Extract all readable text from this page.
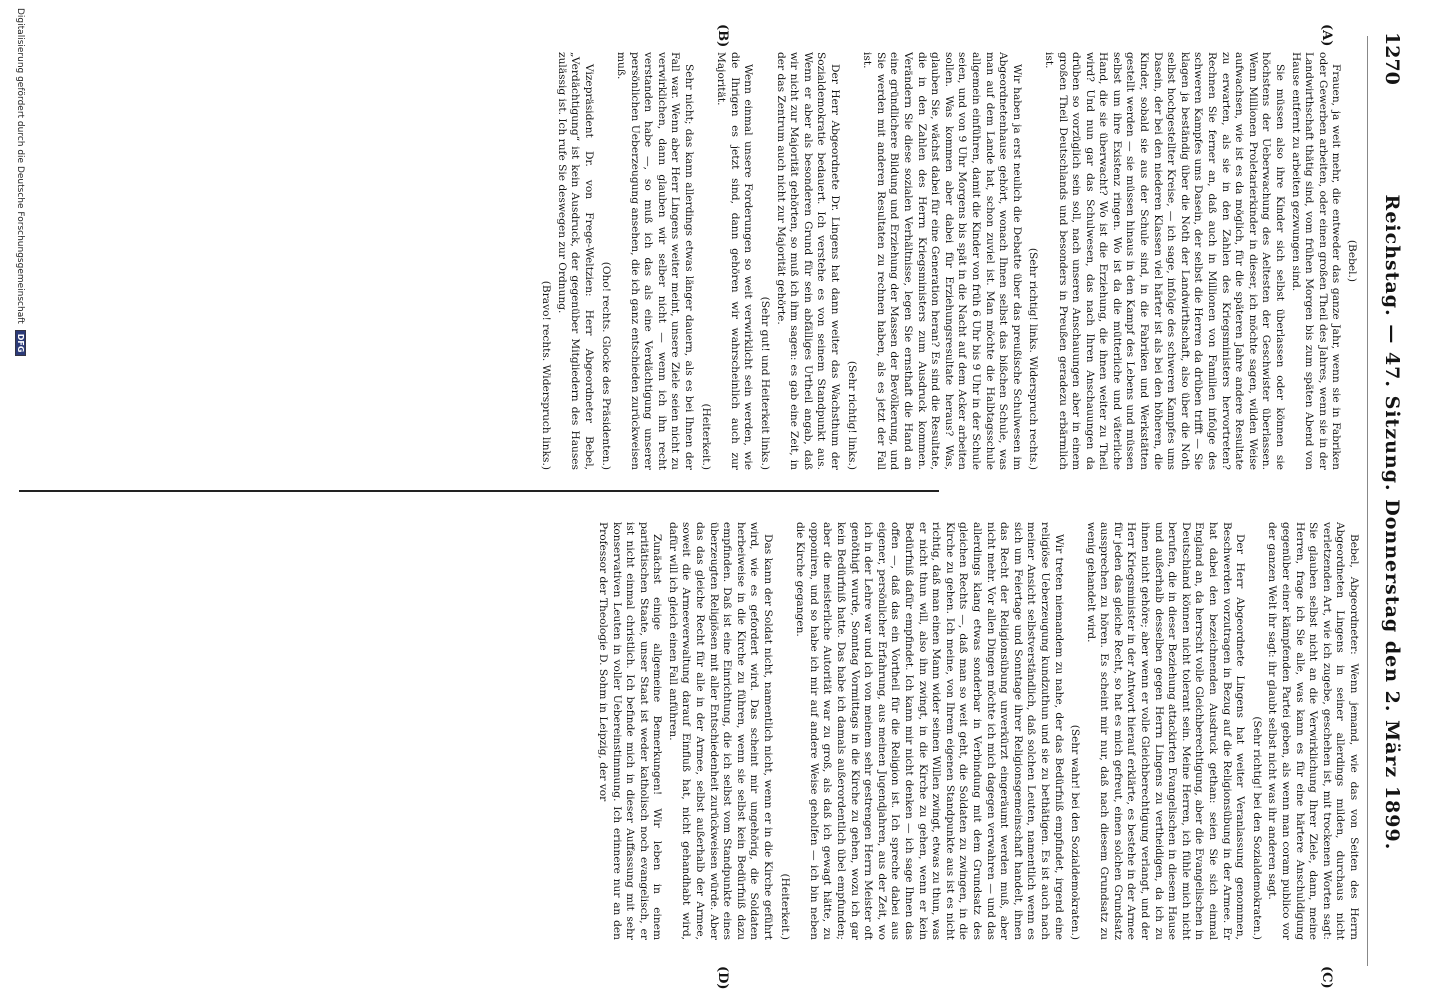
1270
Reichstag. — 47. Sitzung. Donnerstag den 2. März 1899.
(A)
(B)
(C)
(D)

(Bebel.)

Frauen, ja weit mehr, die entweder das ganze Jahr, wenn sie in Fabriken oder Gewerben arbeiten, oder einen großen Theil des Jahres, wenn sie in der Landwirthschaft thätig sind, vom frühen Morgen bis zum späten Abend von Hause entfernt zu arbeiten gezwungen sind.

Sie müssen also ihre Kinder sich selbst überlassen oder können sie höchstens der Ueberwachung des Aeltesten der Geschwister überlassen. Wenn Millionen Proletarierkinder in dieser, ich möchte sagen, wilden Weise aufwachsen, wie ist es da möglich, für die späteren Jahre andere Resultate zu erwarten, als sie in den Zahlen des Kriegsministers hervortreten? Rechnen Sie ferner an, daß auch in Millionen von Familien infolge des schweren Kampfes ums Dasein, der selbst die Herren da drüben trifft — Sie klagen ja beständig über die Noth der Landwirthschaft, also über die Noth selbst hochgestellter Kreise, — ich sage, infolge des schweren Kampfes ums Dasein, der bei den niederen Klassen viel härter ist als bei den höheren, die Kinder, sobald sie aus der Schule sind, in die Fabriken und Werkstätten gestellt werden — sie müssen hinaus in den Kampf des Lebens und müssen selbst um ihre Existenz ringen. Wo ist da die mütterliche und väterliche Hand, die sie überwacht? Wo ist die Erziehung, die ihnen weiter zu Theil wird? Und nun gar das Schulwesen, das nach Ihren Anschauungen da drüben so vorzüglich sein soll, nach unseren Anschauungen aber in einem großen Theil Deutschlands und besonders in Preußen geradezu erbärmlich ist.

(Sehr richtig! links. Widerspruch rechts.)

Wir haben ja erst neulich die Debatte über das preußische Schulwesen im Abgeordnetenhause gehört, wonach Ihnen selbst das bißchen Schule, was man auf dem Lande hat, schon zuviel ist. Man möchte die Halbtagsschule allgemein einführen, damit die Kinder von früh 6 Uhr bis 9 Uhr in der Schule seien, und von 9 Uhr Morgens bis spät in die Nacht auf dem Acker arbeiten sollen. Was kommen aber dabei für Erziehungsresultate heraus? Was, glauben Sie, wächst dabei für eine Generation heran? Es sind die Resultate, die in den Zahlen des Herrn Kriegsministers zum Ausdruck kommen. Verändern Sie diese sozialen Verhältnisse, legen Sie ernsthaft die Hand an eine gründlichere Bildung und Erziehung der Massen der Bevölkerung, und Sie werden mit anderen Resultaten zu rechnen haben, als es jetzt der Fall ist.

(Sehr richtig! links.)

Der Herr Abgeordnete Dr. Lingens hat dann weiter das Wachsthum der Sozialdemokratie bedauert. Ich verstehe es von seinem Standpunkt aus. Wenn er aber als besonderen Grund für sein abfälliges Urtheil angab, daß wir nicht zur Majorität gehörten, so muß ich ihm sagen: es gab eine Zeit, in der das Zentrum auch nicht zur Majorität gehörte.

(Sehr gut! und Heiterkeit links.)

Wenn einmal unsere Forderungen so weit verwirklicht sein werden, wie die Ihrigen es jetzt sind, dann gehören wir wahrscheinlich auch zur Majorität.

(Heiterkeit.)

Sehr nicht; das kann allerdings etwas länger dauern, als es bei Ihnen der Fall war. Wenn aber Herr Lingens weiter meint, unsere Ziele seien nicht zu verwirklichen, dann glauben wir selber nicht — wenn ich ihn recht verstanden habe —, so muß ich das als eine Verdächtigung unserer persönlichen Ueberzeugung ansehen, die ich ganz entschieden zurückweisen muß.

(Oho! rechts. Glocke des Präsidenten.)

Vizepräsident Dr. von Frege-Weltzien: Herr Abgeordneter Bebel, „Verdächtigung“ ist kein Ausdruck, der gegenüber Mitgliedern des Hauses zulässig ist. Ich rufe Sie deswegen zur Ordnung.

(Bravo! rechts. Widerspruch links.)

Bebel, Abgeordneter: Wenn jemand, wie das von Seiten des Herrn Abgeordneten Lingens in seiner allerdings milden, durchaus nicht verletzenden Art, wie ich zugebe, geschehen ist, mit trockenen Worten sagt: Sie glauben selbst nicht an die Verwirklichung Ihrer Ziele, dann, meine Herren, frage ich Sie alle, was kann es für eine härtere Anschuldigung gegenüber einer kämpfenden Partei geben, als wenn man coram publico vor der ganzen Welt ihr sagt: ihr glaubt selbst nicht was ihr anderen sagt.

(Sehr richtig! bei den Sozialdemokraten.)

Der Herr Abgeordnete Lingens hat weiter Veranlassung genommen, Beschwerden vorzutragen in Bezug auf die Religionsübung in der Armee. Er hat dabei den bezeichnenden Ausdruck gethan: seien Sie sich einmal England an, da herrscht volle Gleichberechtigung, aber die Evangelischen in Deutschland können nicht tolerant sein. Meine Herren, ich fühle mich nicht berufen, die in dieser Beziehung attackirten Evangelischen in diesem Hause und außerhalb desselben gegen Herrn Lingens zu vertheidigen, da ich zu ihnen nicht gehöre; aber wenn er volle Gleichberechtigung verlangt, und der Herr Kriegsminister in der Antwort hierauf erklärte, es bestehe in der Armee für jeden das gleiche Recht, so hat es mich gefreut, einen solchen Grundsatz aussprechen zu hören. Es scheint mir nur, daß nach diesem Grundsatz zu wenig gehandelt wird.

(Sehr wahr! bei den Sozialdemokraten.)

Wir treten niemandem zu nahe, der das Bedürfniß empfindet, irgend eine religiöse Ueberzeugung kundzuthun und sie zu bethätigen. Es ist auch nach meiner Ansicht selbstverständlich, daß solchen Leuten, namentlich wenn es sich um Feiertage und Sonntage ihrer Religionsgemeinschaft handelt, ihnen das Recht der Religionsübung unverkürzt eingeräumt werden muß, aber nicht mehr. Vor allen Dingen möchte ich mich dagegen verwahren — und das allerdings klang etwas sonderbar in Verbindung mit dem Grundsatz des gleichen Rechts —, daß man so weit geht, die Soldaten zu zwingen, in die Kirche zu gehen. Ich meine, von Ihrem eigenen Standpunkte aus ist es nicht richtig, daß man einen Mann wider seinen Willen zwingt, etwas zu thun, was er nicht thun will, also ihn zwingt, in die Kirche zu gehen, wenn er kein Bedürfniß dafür empfindet. Ich kann mir nicht denken — ich sage Ihnen das offen —, daß das ein Vortheil für die Religion ist. Ich spreche dabei aus eigener, persönlicher Erfahrung, aus meinen Jugendjahren, aus der Zeit, wo ich in der Lehre war und ich von meinem sehr gestrengen Herrn Meister oft genöthigt wurde, Sonntag Vormittags in die Kirche zu gehen, wozu ich gar kein Bedürfniß hatte. Das habe ich damals außerordentlich übel empfunden; aber die meisterliche Autorität war zu groß, als daß ich gewagt hätte, zu opponiren, und so habe ich mir auf andere Weise geholfen — ich bin neben die Kirche gegangen.

(Heiterkeit.)

Das kann der Soldat nicht, namentlich nicht, wenn er in die Kirche geführt wird, wie es gefordert wird. Das scheint mir ungehörig, die Soldaten herbeiweise in die Kirche zu führen, wenn sie selbst kein Bedürfniß dazu empfinden. Daß ist eine Einrichtung, die ich selbst vom Standpunkte eines überzeugten Religiösen mit aller Entschiedenheit zurückweisen würde. Aber das das gleiche Recht für alle in der Armee, selbst außerhalb der Armee, soweit die Armeeverwaltung darauf Einfluß hat, nicht gehandhabt wird, dafür will ich gleich einen Fall anführen.

Zunächst einige allgemeine Bemerkungen! Wir leben in einem paritätischen Staate, unser Staat ist weder katholisch noch evangelisch, er ist nicht einmal christlich. Ich befinde mich in dieser Auffassung mit sehr konservativen Leuten in voller Uebereinstimmung. Ich erinnere nur an den Professor der Theologie D. Sohm in Leipzig, der vor

Digitalisierung gefördert durch die Deutsche Forschungsgemeinschaft
DFG
